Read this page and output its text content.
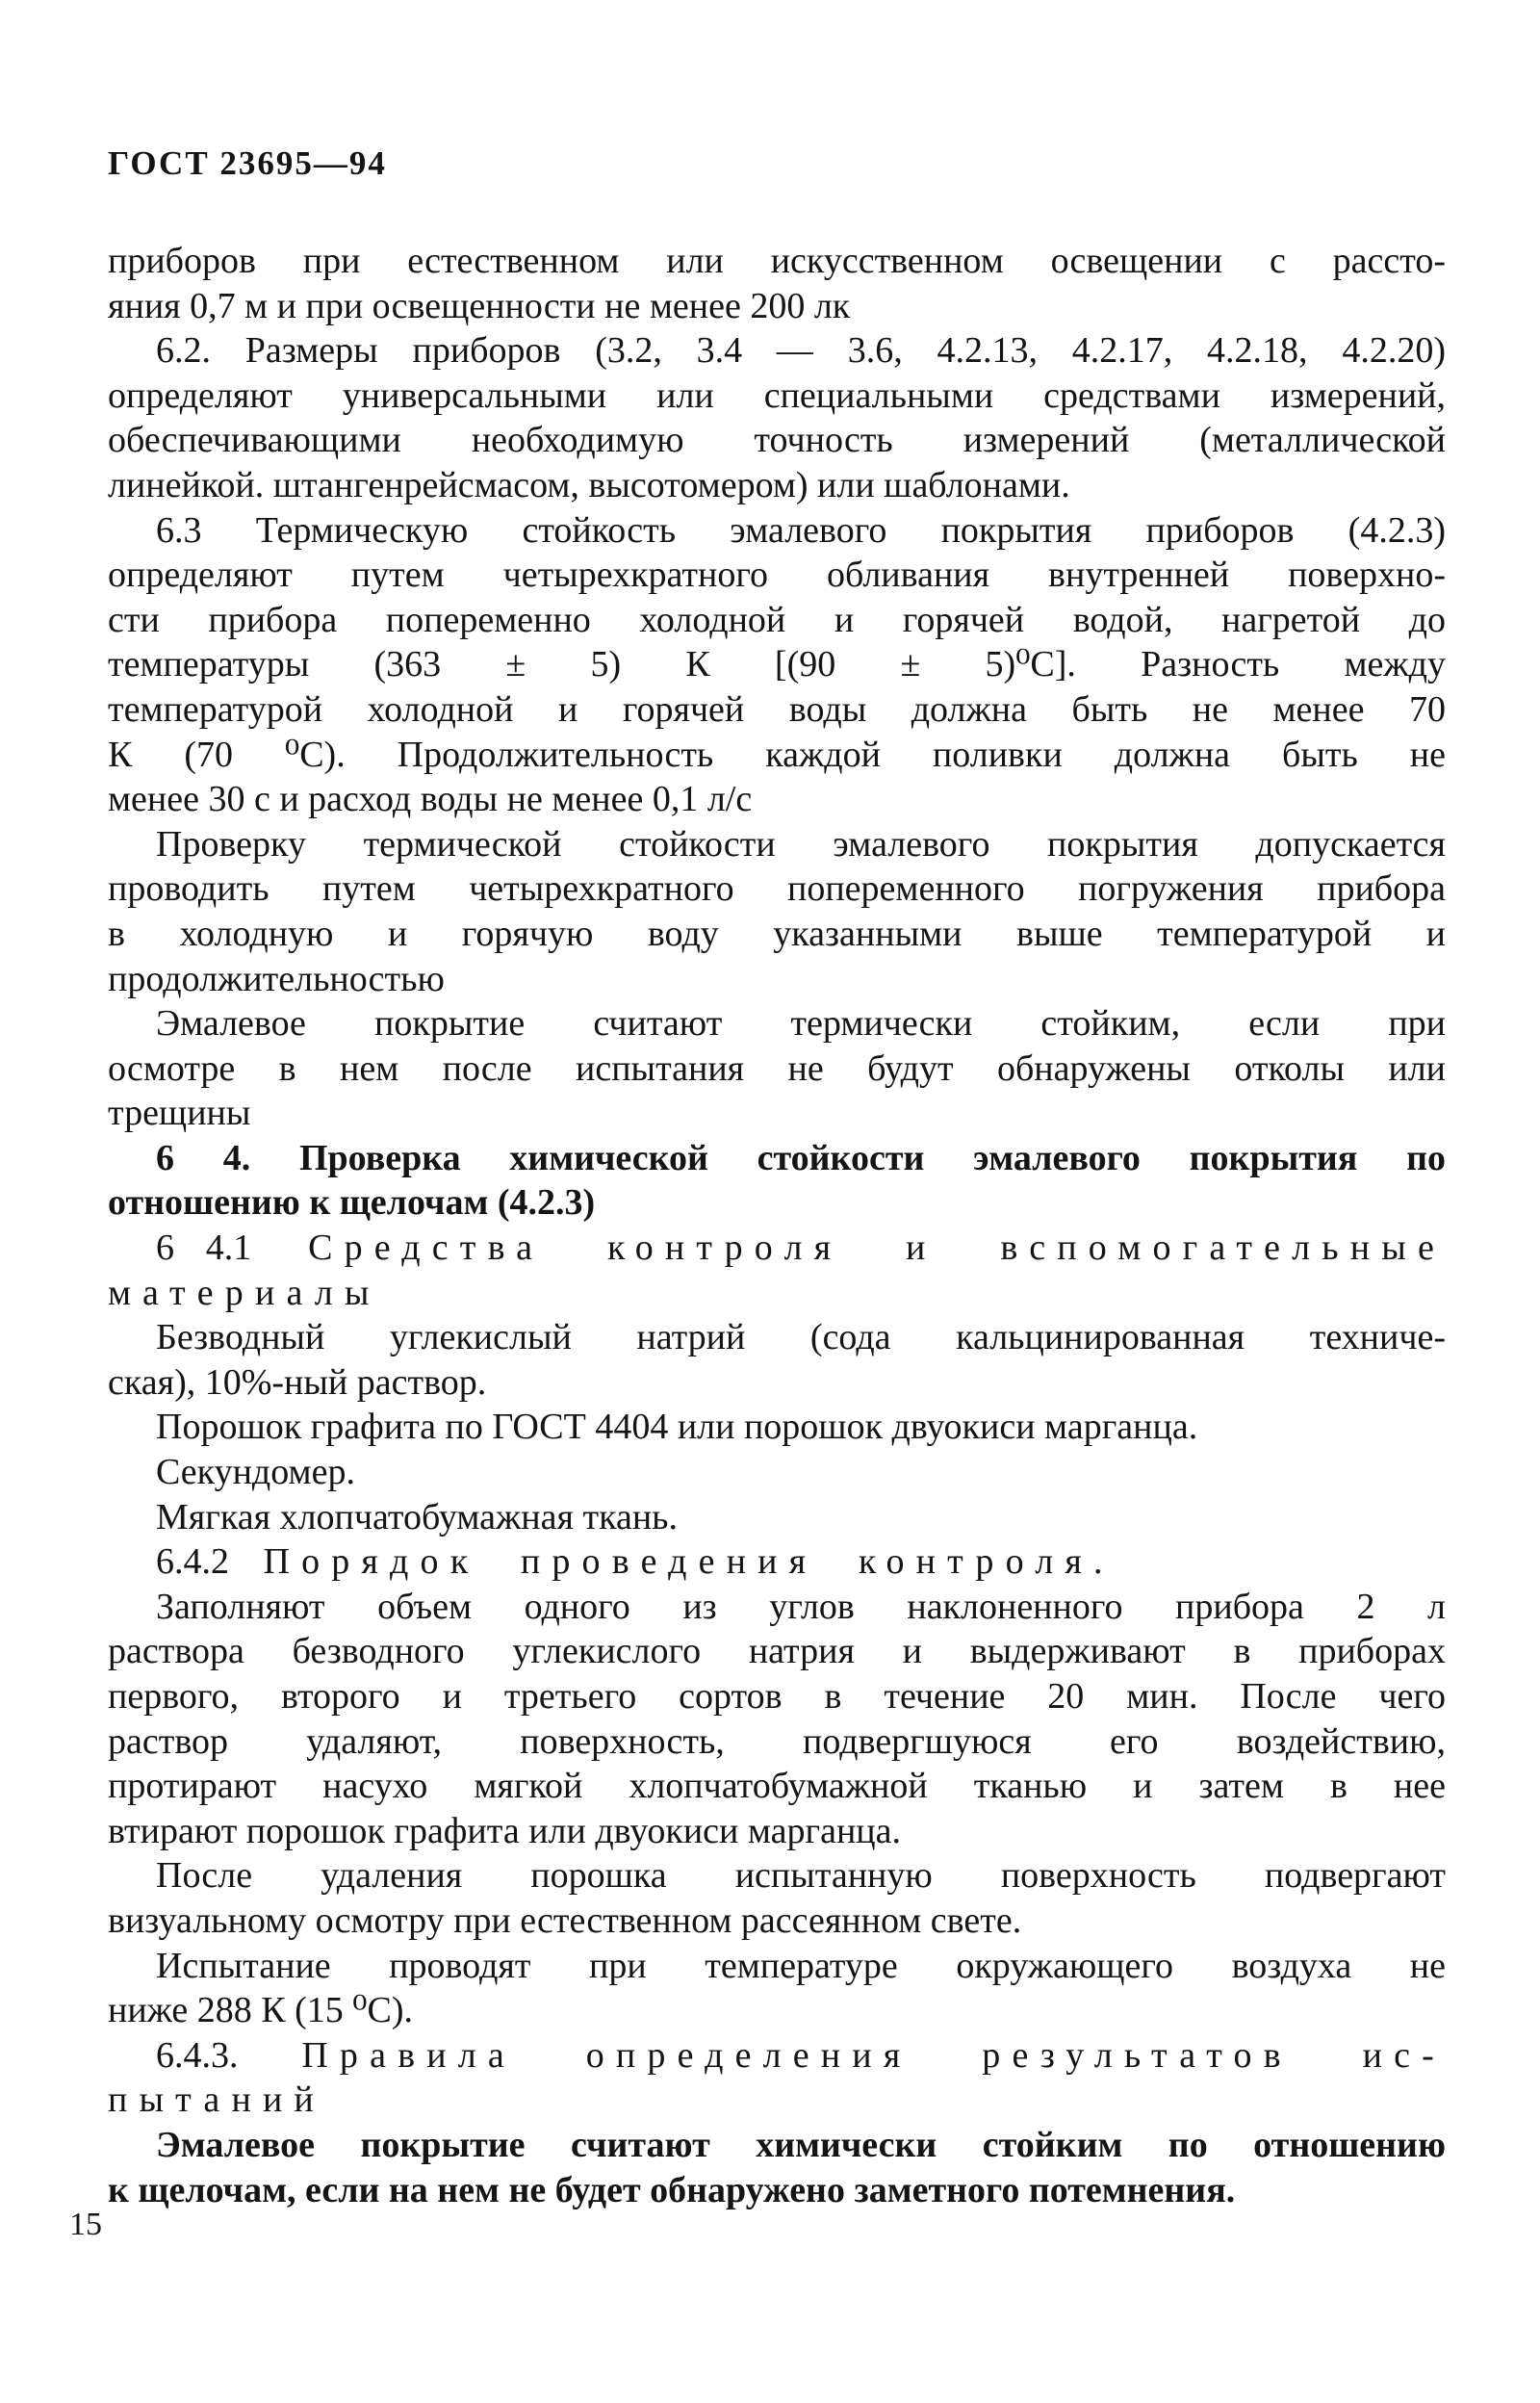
ГОСТ 23695—94
приборов при естественном или искусственном освещении с рассто-
яния 0,7 м и при освещенности не менее 200 лк
6.2. Размеры приборов (3.2, 3.4 — 3.6, 4.2.13, 4.2.17, 4.2.18, 4.2.20)
определяют универсальными или специальными средствами измерений,
обеспечивающими необходимую точность измерений (металлической
линейкой. штангенрейсмасом, высотомером) или шаблонами.
6.3 Термическую стойкость эмалевого покрытия приборов (4.2.3)
определяют путем четырехкратного обливания внутренней поверхно-
сти прибора попеременно холодной и горячей водой, нагретой до
температуры (363 ± 5) К [(90 ± 5)⁰С]. Разность между
температурой холодной и горячей воды должна быть не менее 70
К (70 ⁰С). Продолжительность каждой поливки должна быть не
менее 30 с и расход воды не менее 0,1 л/с
Проверку термической стойкости эмалевого покрытия допускается
проводить путем четырехкратного попеременного погружения прибора
в холодную и горячую воду указанными выше температурой и
продолжительностью
Эмалевое покрытие считают термически стойким, если при
осмотре в нем после испытания не будут обнаружены отколы или
трещины
6 4. Проверка химической стойкости эмалевого покрытия по
отношению к щелочам (4.2.3)
6 4.1 Средства контроля и вспомогательные
материалы
Безводный углекислый натрий (сода кальцинированная техниче-
ская), 10%-ный раствор.
Порошок графита по ГОСТ 4404 или порошок двуокиси марганца.
Секундомер.
Мягкая хлопчатобумажная ткань.
6.4.2 Порядок проведения контроля.
Заполняют объем одного из углов наклоненного прибора 2 л
раствора безводного углекислого натрия и выдерживают в приборах
первого, второго и третьего сортов в течение 20 мин. После чего
раствор удаляют, поверхность, подвергшуюся его воздействию,
протирают насухо мягкой хлопчатобумажной тканью и затем в нее
втирают порошок графита или двуокиси марганца.
После удаления порошка испытанную поверхность подвергают
визуальному осмотру при естественном рассеянном свете.
Испытание проводят при температуре окружающего воздуха не
ниже 288 К (15 ⁰С).
6.4.3. Правила определения результатов ис-
пытаний
Эмалевое покрытие считают химически стойким по отношению
к щелочам, если на нем не будет обнаружено заметного потемнения.
15
